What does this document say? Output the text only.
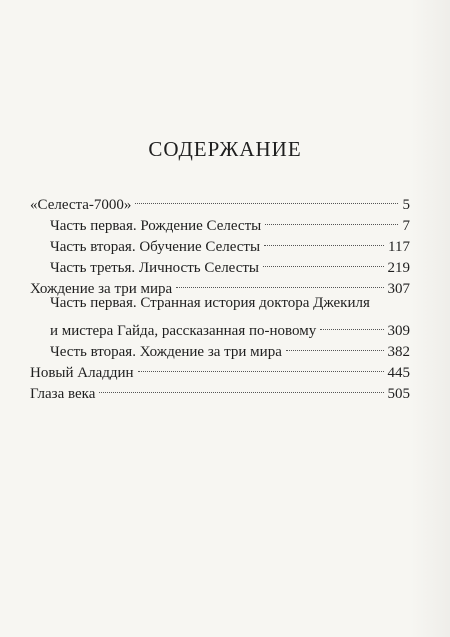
СОДЕРЖАНИЕ
«Селеста-7000»	5
Часть первая. Рождение Селесты	7
Часть вторая. Обучение Селесты	117
Часть третья. Личность Селесты	219
Хождение за три мира	307
Часть первая. Странная история доктора Джекиля
и мистера Гайда, рассказанная по-новому	309
Честь вторая. Хождение за три мира	382
Новый Аладдин	445
Глаза века	505
